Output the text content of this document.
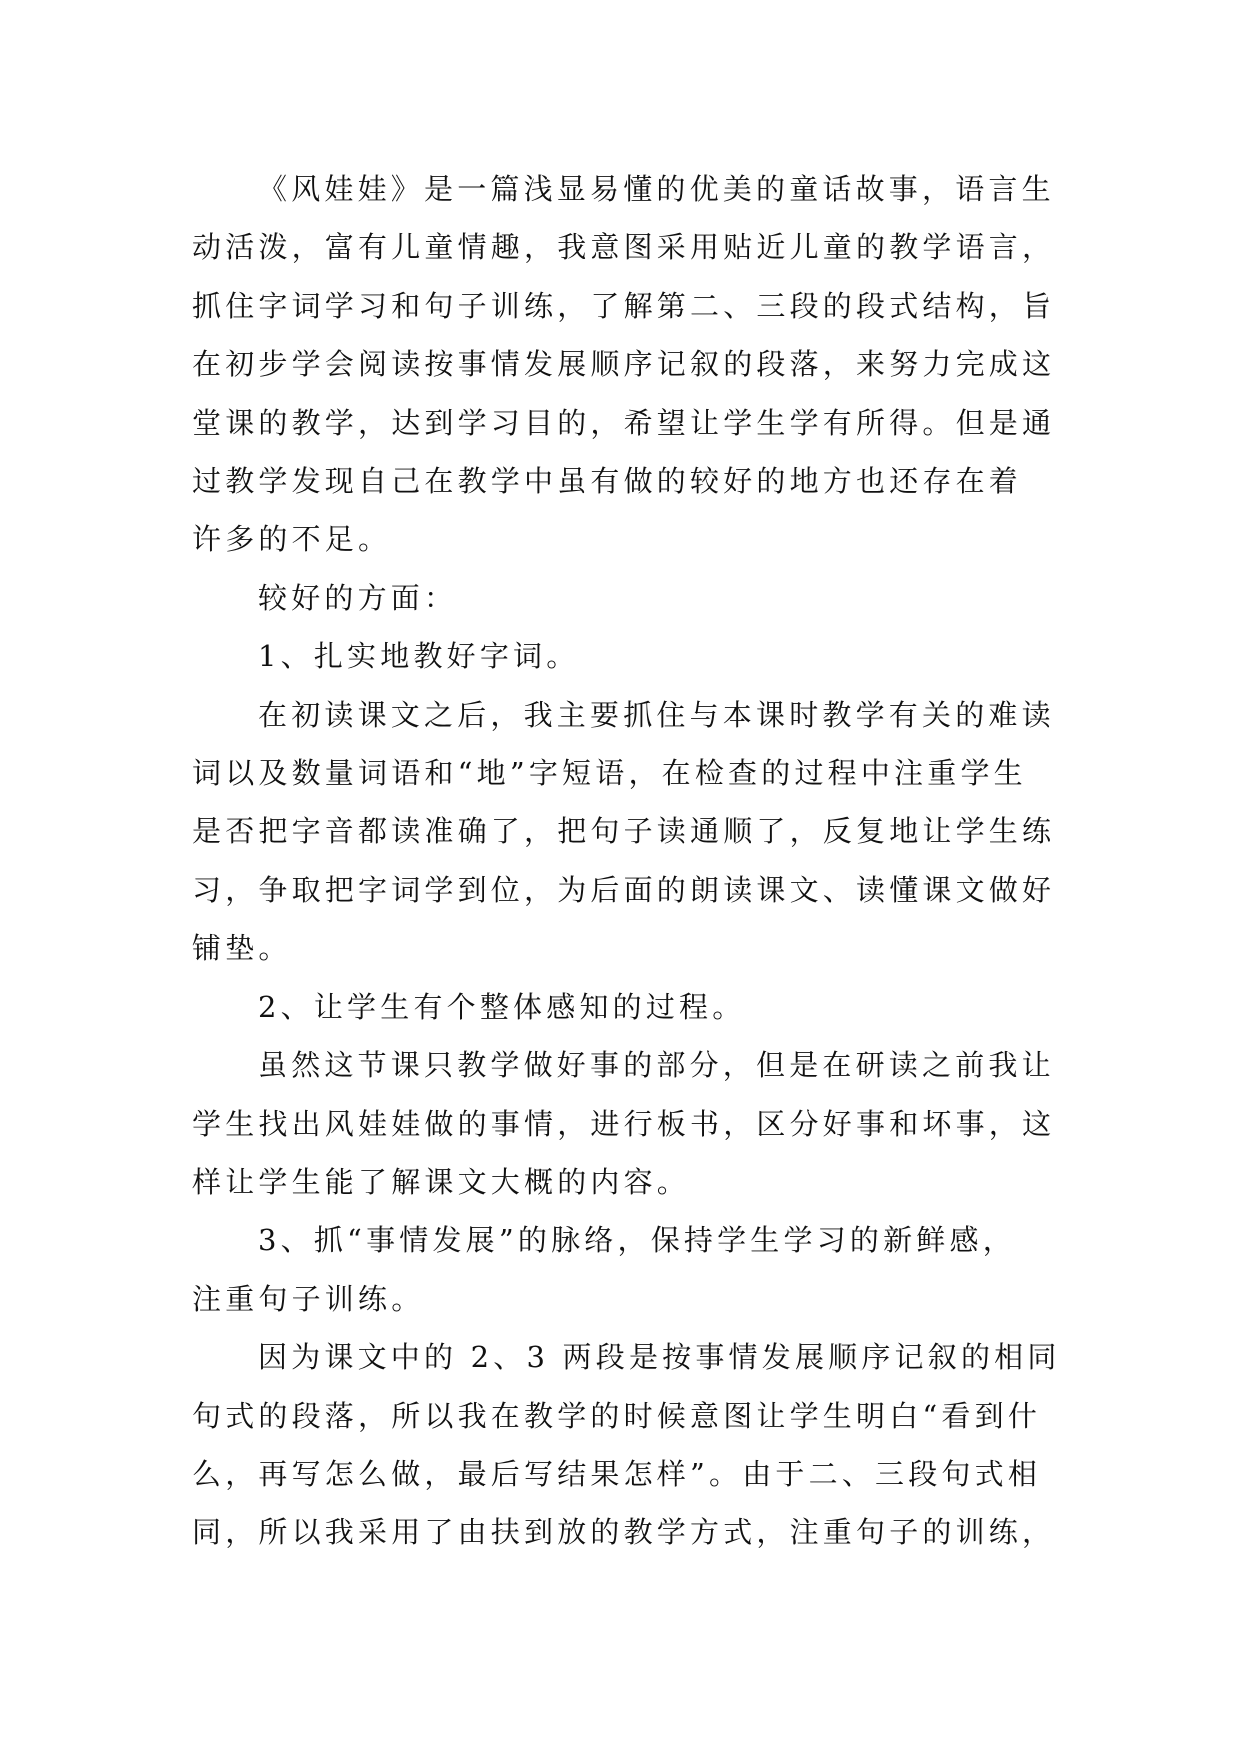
《风娃娃》是一篇浅显易懂的优美的童话故事，语言生
动活泼，富有儿童情趣，我意图采用贴近儿童的教学语言，
抓住字词学习和句子训练，了解第二、三段的段式结构，旨
在初步学会阅读按事情发展顺序记叙的段落，来努力完成这
堂课的教学，达到学习目的，希望让学生学有所得。但是通
过教学发现自己在教学中虽有做的较好的地方也还存在着
许多的不足。
较好的方面：
1、扎实地教好字词。
在初读课文之后，我主要抓住与本课时教学有关的难读
词以及数量词语和“地”字短语，在检查的过程中注重学生
是否把字音都读准确了，把句子读通顺了，反复地让学生练
习，争取把字词学到位，为后面的朗读课文、读懂课文做好
铺垫。
2、让学生有个整体感知的过程。
虽然这节课只教学做好事的部分，但是在研读之前我让
学生找出风娃娃做的事情，进行板书，区分好事和坏事，这
样让学生能了解课文大概的内容。
3、抓“事情发展”的脉络，保持学生学习的新鲜感，
注重句子训练。
因为课文中的 2、3 两段是按事情发展顺序记叙的相同
句式的段落，所以我在教学的时候意图让学生明白“看到什
么，再写怎么做，最后写结果怎样”。由于二、三段句式相
同，所以我采用了由扶到放的教学方式，注重句子的训练，
